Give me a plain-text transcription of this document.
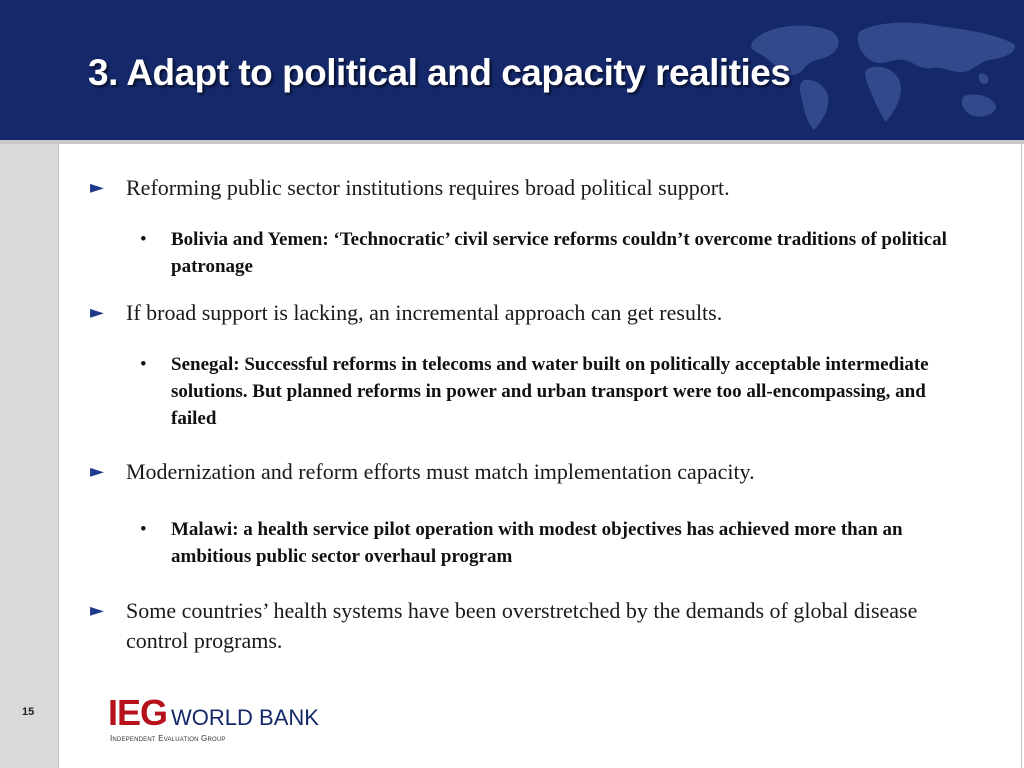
3. Adapt to political and capacity realities
►	Reforming public sector institutions requires broad political support.
•	Bolivia and Yemen: ‘Technocratic’ civil service reforms couldn’t overcome traditions of political patronage
►	If broad support is lacking, an incremental approach can get results.
•	Senegal: Successful reforms in telecoms and water built on politically acceptable intermediate solutions. But planned reforms in power and urban transport were too all-encompassing, and failed
►	Modernization and reform efforts must match implementation capacity.
•	Malawi: a health service pilot operation with modest objectives has achieved more than an ambitious public sector overhaul program
►	Some countries’ health systems have been overstretched by the demands of global disease control programs.
15 IEG WORLD BANK
Independent Evaluation Group
